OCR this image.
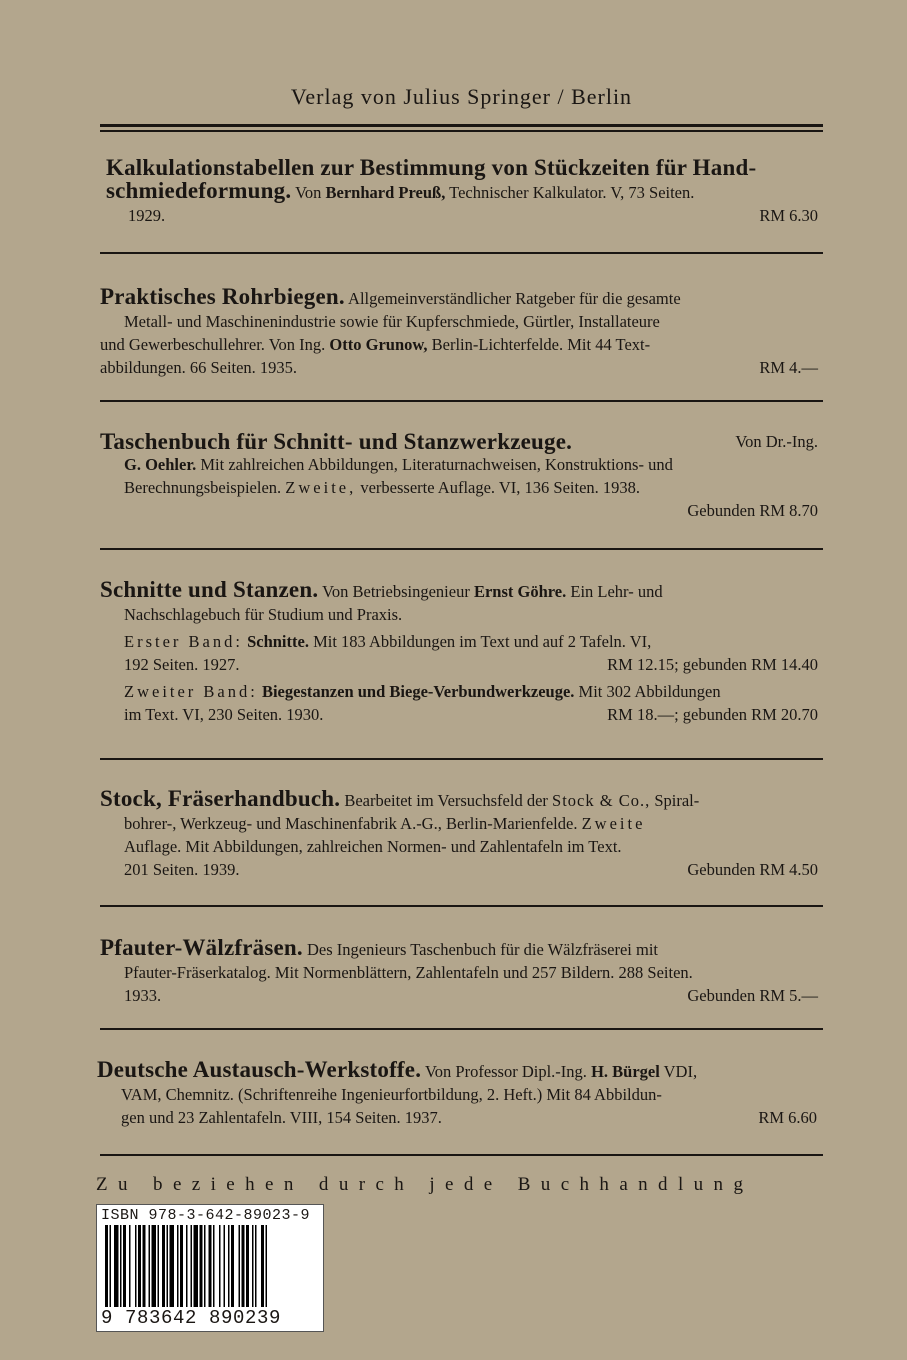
Verlag von Julius Springer / Berlin
Kalkulationstabellen zur Bestimmung von Stückzeiten für Hand-
schmiedeformung. Von Bernhard Preuß, Technischer Kalkulator. V, 73 Seiten.
1929.	RM 6.30
Praktisches Rohrbiegen. Allgemeinverständlicher Ratgeber für die gesamte
Metall- und Maschinenindustrie sowie für Kupferschmiede, Gürtler, Installateure
und Gewerbeschullehrer. Von Ing. Otto Grunow, Berlin-Lichterfelde. Mit 44 Text-
abbildungen. 66 Seiten. 1935.	RM 4.—
Taschenbuch für Schnitt- und Stanzwerkzeuge.	Von Dr.-Ing.
G. Oehler. Mit zahlreichen Abbildungen, Literaturnachweisen, Konstruktions- und
Berechnungsbeispielen. Zweite, verbesserte Auflage. VI, 136 Seiten. 1938.
Gebunden RM 8.70
Schnitte und Stanzen. Von Betriebsingenieur Ernst Göhre. Ein Lehr- und
Nachschlagebuch für Studium und Praxis.
Erster Band: Schnitte. Mit 183 Abbildungen im Text und auf 2 Tafeln. VI,
192 Seiten. 1927.	RM 12.15; gebunden RM 14.40
Zweiter Band: Biegestanzen und Biege-Verbundwerkzeuge. Mit 302 Abbildungen
im Text. VI, 230 Seiten. 1930.	RM 18.—; gebunden RM 20.70
Stock, Fräserhandbuch. Bearbeitet im Versuchsfeld der Stock & Co., Spiral-
bohrer-, Werkzeug- und Maschinenfabrik A.-G., Berlin-Marienfelde. Zweite
Auflage. Mit Abbildungen, zahlreichen Normen- und Zahlentafeln im Text.
201 Seiten. 1939.	Gebunden RM 4.50
Pfauter-Wälzfräsen. Des Ingenieurs Taschenbuch für die Wälzfräserei mit
Pfauter-Fräserkatalog. Mit Normenblättern, Zahlentafeln und 257 Bildern. 288 Seiten.
1933.	Gebunden RM 5.—
Deutsche Austausch-Werkstoffe. Von Professor Dipl.-Ing. H. Bürgel VDI,
VAM, Chemnitz. (Schriftenreihe Ingenieurfortbildung, 2. Heft.) Mit 84 Abbildun-
gen und 23 Zahlentafeln. VIII, 154 Seiten. 1937.	RM 6.60
Zu beziehen durch jede Buchhandlung
ISBN 978-3-642-89023-9
9 783642 890239
